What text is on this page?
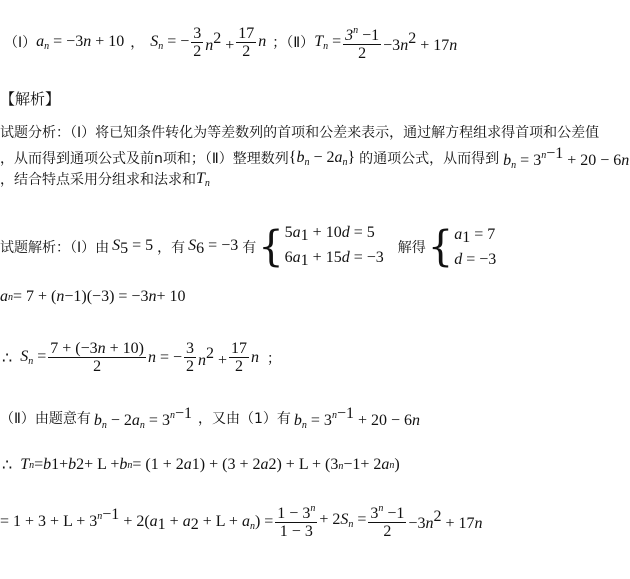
（Ⅰ） $a_n = -3n + 10$ ， $S_n$ = − $\frac{3}{2} n^2 + \frac{17}{2}$ n ；（Ⅱ） $T_n = \frac{3^n -1}{2} -3n^2 + 17n$
【解析】
试题分析：（Ⅰ）将已知条件转化为等差数列的首项和公差来表示，通过解方程组求得首项和公差值
，从而得到通项公式及前n项和；（Ⅱ）整理数列 $\{b_n - 2a_n\}$ 的通项公式，从而得到 $b_n = 3^{n-1} + 20 - 6n$
，结合特点采用分组求和法求和 $T_n$
试题解析：（Ⅰ）由 $S_5 = 5$ ，有 $S_6 = -3$ 有 { $5a_1 + 10d = 5$
$6a_1 + 15d = -3$
解得 { $a_1 = 7$
d = −3
a n = 7 + ( n −1)(−3) = −3 n + 10
∴ $S_n = \frac{7 + (-3n + 10)}{2}$ n = − $\frac{3}{2} n^2 + \frac{17}{2}$ n ；
（Ⅱ）由题意有 $b_n - 2a_n = 3^{n-1}$ ，又由（1）有 $b_n = 3^{n-1} + 20 - 6n$
∴ T n = b 1 + b 2 + L + b n = (1 + 2 a 1 ) + (3 + 2 a 2 ) + L + (3 n−1 + 2 a n )
= $1 + 3 + L + 3^{n-1} + 2(a_1 + a_2 + L + a_n) = \frac{1 - 3^n}{1 - 3} + 2S_n = \frac{3^n -1}{2} -3n^2 + 17n$
